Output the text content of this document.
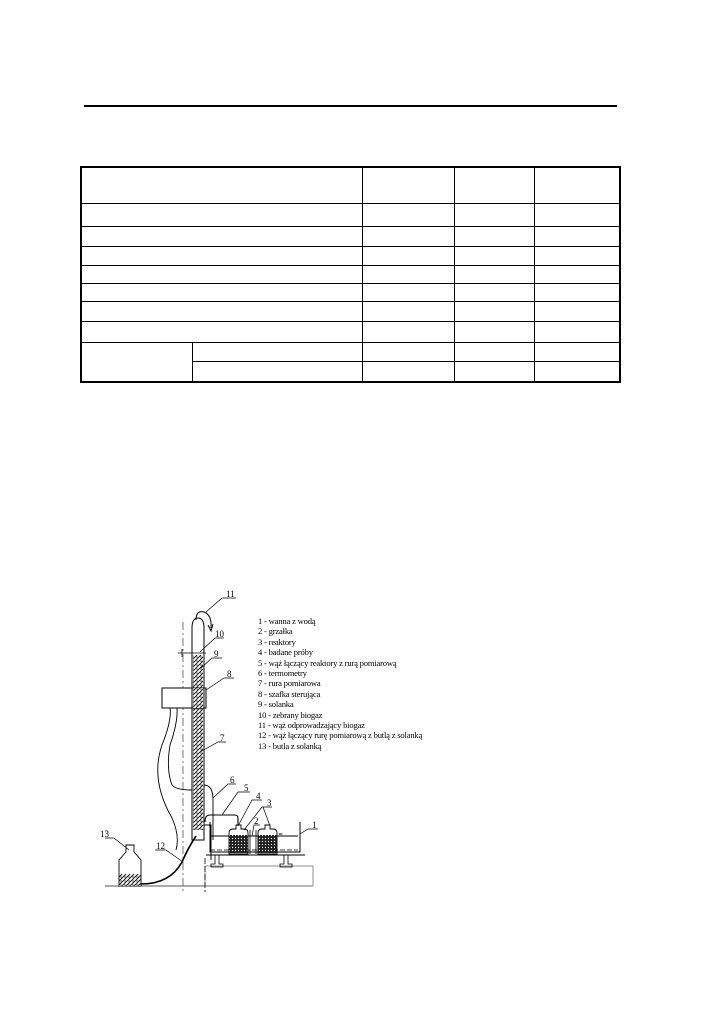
≃
11
10
9
8
7
6
5
4
3
2	1
12
13
1 - wanna z wodą
2 - grzałka
3 - reaktory
4 - badane próby
5 - wąż łączący reaktory z rurą pomiarową
6 - termometry
7 - rura pomiarowa
8 - szafka sterująca
9 - solanka
10 - zebrany biogaz
11 - wąż odprowadzający biogaz
12 - wąż łączący rurę pomiarową z butlą z solanką
13 - butla z solanką
